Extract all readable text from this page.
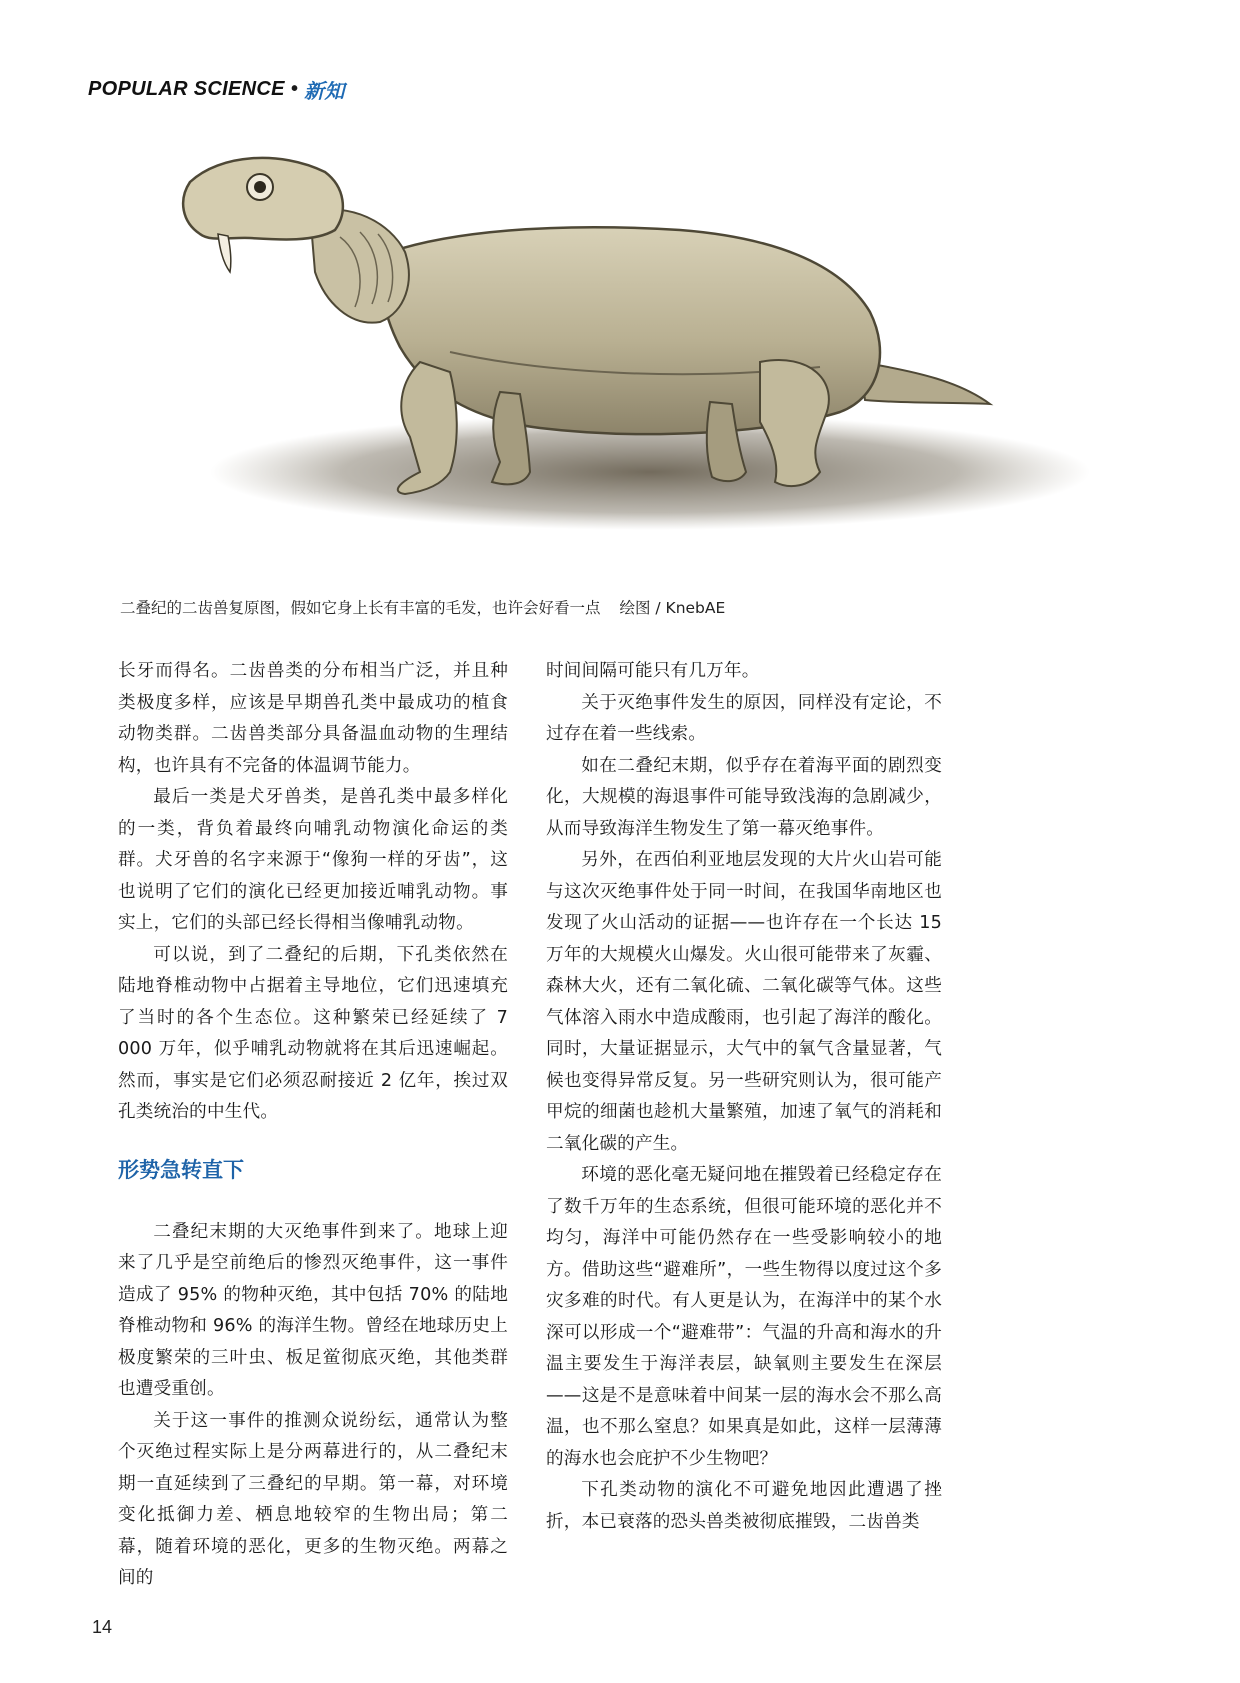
POPULAR SCIENCE • 新知
二叠纪的二齿兽复原图，假如它身上长有丰富的毛发，也许会好看一点 绘图 / KnebAE

长牙而得名。二齿兽类的分布相当广泛，并且种类极度多样，应该是早期兽孔类中最成功的植食动物类群。二齿兽类部分具备温血动物的生理结构，也许具有不完备的体温调节能力。

最后一类是犬牙兽类，是兽孔类中最多样化的一类，背负着最终向哺乳动物演化命运的类群。犬牙兽的名字来源于“像狗一样的牙齿”，这也说明了它们的演化已经更加接近哺乳动物。事实上，它们的头部已经长得相当像哺乳动物。

可以说，到了二叠纪的后期，下孔类依然在陆地脊椎动物中占据着主导地位，它们迅速填充了当时的各个生态位。这种繁荣已经延续了 7 000 万年，似乎哺乳动物就将在其后迅速崛起。然而，事实是它们必须忍耐接近 2 亿年，挨过双孔类统治的中生代。

形势急转直下

二叠纪末期的大灭绝事件到来了。地球上迎来了几乎是空前绝后的惨烈灭绝事件，这一事件造成了 95% 的物种灭绝，其中包括 70% 的陆地脊椎动物和 96% 的海洋生物。曾经在地球历史上极度繁荣的三叶虫、板足鲎彻底灭绝，其他类群也遭受重创。

关于这一事件的推测众说纷纭，通常认为整个灭绝过程实际上是分两幕进行的，从二叠纪末期一直延续到了三叠纪的早期。第一幕，对环境变化抵御力差、栖息地较窄的生物出局；第二幕，随着环境的恶化，更多的生物灭绝。两幕之间的

时间间隔可能只有几万年。

关于灭绝事件发生的原因，同样没有定论，不过存在着一些线索。

如在二叠纪末期，似乎存在着海平面的剧烈变化，大规模的海退事件可能导致浅海的急剧减少，从而导致海洋生物发生了第一幕灭绝事件。

另外，在西伯利亚地层发现的大片火山岩可能与这次灭绝事件处于同一时间，在我国华南地区也发现了火山活动的证据——也许存在一个长达 15 万年的大规模火山爆发。火山很可能带来了灰霾、森林大火，还有二氧化硫、二氧化碳等气体。这些气体溶入雨水中造成酸雨，也引起了海洋的酸化。同时，大量证据显示，大气中的氧气含量显著，气候也变得异常反复。另一些研究则认为，很可能产甲烷的细菌也趁机大量繁殖，加速了氧气的消耗和二氧化碳的产生。

环境的恶化毫无疑问地在摧毁着已经稳定存在了数千万年的生态系统，但很可能环境的恶化并不均匀，海洋中可能仍然存在一些受影响较小的地方。借助这些“避难所”，一些生物得以度过这个多灾多难的时代。有人更是认为，在海洋中的某个水深可以形成一个“避难带”：气温的升高和海水的升温主要发生于海洋表层，缺氧则主要发生在深层——这是不是意味着中间某一层的海水会不那么高温，也不那么窒息？如果真是如此，这样一层薄薄的海水也会庇护不少生物吧？

下孔类动物的演化不可避免地因此遭遇了挫折，本已衰落的恐头兽类被彻底摧毁，二齿兽类

14
